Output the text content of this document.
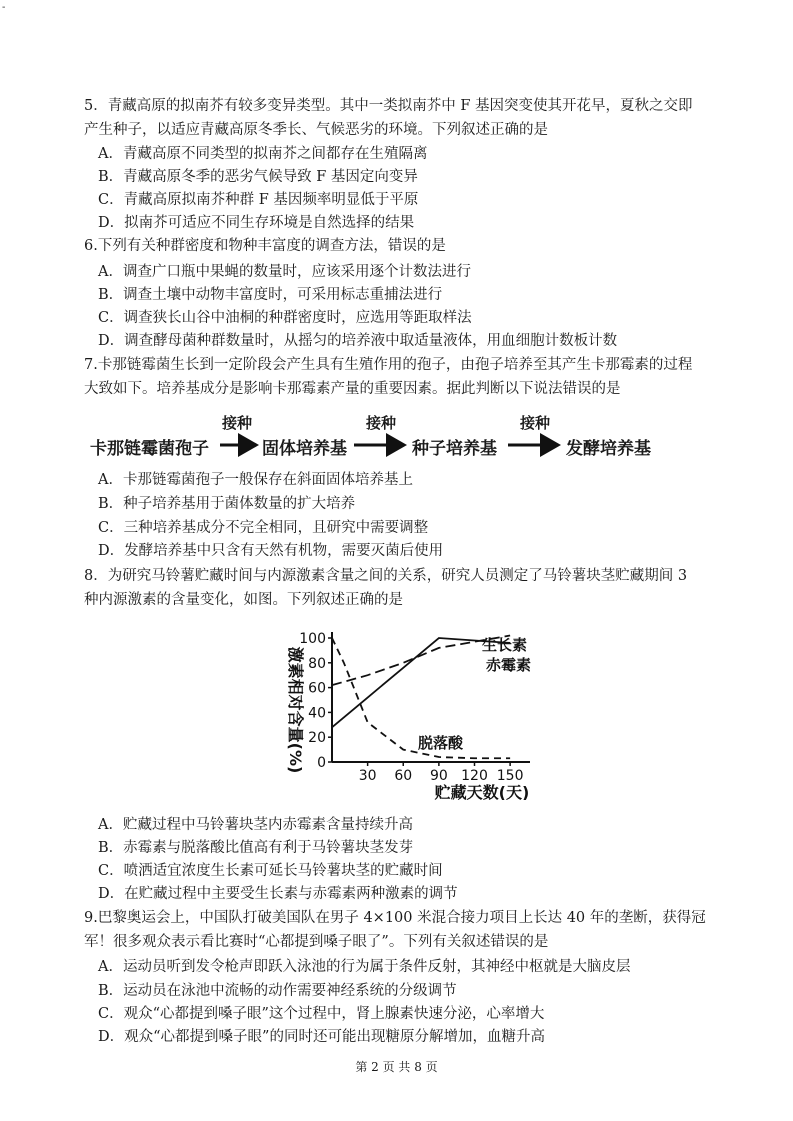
-
5．青藏高原的拟南芥有较多变异类型。其中一类拟南芥中 F 基因突变使其开花早，夏秋之交即
产生种子，以适应青藏高原冬季长、气候恶劣的环境。下列叙述正确的是
A．青藏高原不同类型的拟南芥之间都存在生殖隔离
B．青藏高原冬季的恶劣气候导致 F 基因定向变异
C．青藏高原拟南芥种群 F 基因频率明显低于平原
D．拟南芥可适应不同生存环境是自然选择的结果
6.下列有关种群密度和物种丰富度的调查方法，错误的是
A．调查广口瓶中果蝇的数量时，应该采用逐个计数法进行
B．调查土壤中动物丰富度时，可采用标志重捕法进行
C．调查狭长山谷中油桐的种群密度时，应选用等距取样法
D．调查酵母菌种群数量时，从摇匀的培养液中取适量液体，用血细胞计数板计数
7.卡那链霉菌生长到一定阶段会产生具有生殖作用的孢子，由孢子培养至其产生卡那霉素的过程
大致如下。培养基成分是影响卡那霉素产量的重要因素。据此判断以下说法错误的是
卡那链霉菌孢子
接种
固体培养基
接种
种子培养基
接种
发酵培养基
A．卡那链霉菌孢子一般保存在斜面固体培养基上
B．种子培养基用于菌体数量的扩大培养
C．三种培养基成分不完全相同，且研究中需要调整
D．发酵培养基中只含有天然有机物，需要灭菌后使用
8．为研究马铃薯贮藏时间与内源激素含量之间的关系，研究人员测定了马铃薯块茎贮藏期间 3
种内源激素的含量变化，如图。下列叙述正确的是
0
20
40
60
80
100
30 60 90 120 150
贮藏天数(天)
激素相对含量(%)
生长素
赤霉素
脱落酸
A．贮藏过程中马铃薯块茎内赤霉素含量持续升高
B．赤霉素与脱落酸比值高有利于马铃薯块茎发芽
C．喷洒适宜浓度生长素可延长马铃薯块茎的贮藏时间
D．在贮藏过程中主要受生长素与赤霉素两种激素的调节
9.巴黎奥运会上，中国队打破美国队在男子 4×100 米混合接力项目上长达 40 年的垄断，获得冠
军！很多观众表示看比赛时“心都提到嗓子眼了”。下列有关叙述错误的是
A．运动员听到发令枪声即跃入泳池的行为属于条件反射，其神经中枢就是大脑皮层
B．运动员在泳池中流畅的动作需要神经系统的分级调节
C．观众“心都提到嗓子眼”这个过程中，肾上腺素快速分泌，心率增大
D．观众“心都提到嗓子眼”的同时还可能出现糖原分解增加，血糖升高
第 2 页 共 8 页
